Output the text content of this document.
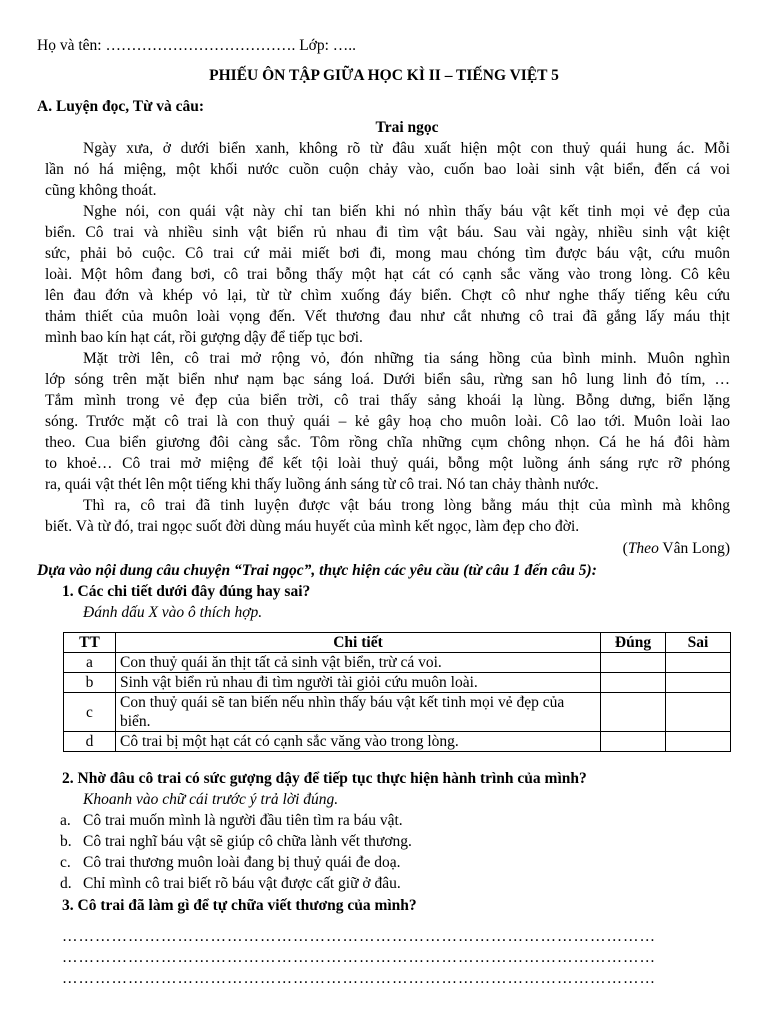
Họ và tên: ………………………………. Lớp: …..
PHIẾU ÔN TẬP GIỮA HỌC KÌ II – TIẾNG VIỆT 5
A. Luyện đọc, Từ và câu:
Trai ngọc
Ngày xưa, ở dưới biển xanh, không rõ từ đâu xuất hiện một con thuỷ quái hung ác. Mỗi
lần nó há miệng, một khối nước cuồn cuộn chảy vào, cuốn bao loài sinh vật biển, đến cá voi
cũng không thoát.
Nghe nói, con quái vật này chỉ tan biến khi nó nhìn thấy báu vật kết tinh mọi vẻ đẹp của
biển. Cô trai và nhiều sinh vật biển rủ nhau đi tìm vật báu. Sau vài ngày, nhiều sinh vật kiệt
sức, phải bỏ cuộc. Cô trai cứ mải miết bơi đi, mong mau chóng tìm được báu vật, cứu muôn
loài. Một hôm đang bơi, cô trai bỗng thấy một hạt cát có cạnh sắc văng vào trong lòng. Cô kêu
lên đau đớn và khép vỏ lại, từ từ chìm xuống đáy biển. Chợt cô như nghe thấy tiếng kêu cứu
thảm thiết của muôn loài vọng đến. Vết thương đau như cắt nhưng cô trai đã gắng lấy máu thịt
mình bao kín hạt cát, rồi gượng dậy để tiếp tục bơi.
Mặt trời lên, cô trai mở rộng vỏ, đón những tia sáng hồng của bình minh. Muôn nghìn
lớp sóng trên mặt biển như nạm bạc sáng loá. Dưới biển sâu, rừng san hô lung linh đỏ tím, …
Tắm mình trong vẻ đẹp của biển trời, cô trai thấy sảng khoái lạ lùng. Bỗng dưng, biển lặng
sóng. Trước mặt cô trai là con thuỷ quái – kẻ gây hoạ cho muôn loài. Cô lao tới. Muôn loài lao
theo. Cua biển giương đôi càng sắc. Tôm rồng chĩa những cụm chông nhọn. Cá he há đôi hàm
to khoẻ… Cô trai mở miệng để kết tội loài thuỷ quái, bỗng một luồng ánh sáng rực rỡ phóng
ra, quái vật thét lên một tiếng khi thấy luồng ánh sáng từ cô trai. Nó tan chảy thành nước.
Thì ra, cô trai đã tinh luyện được vật báu trong lòng bằng máu thịt của mình mà không
biết. Và từ đó, trai ngọc suốt đời dùng máu huyết của mình kết ngọc, làm đẹp cho đời.
(Theo Vân Long)
Dựa vào nội dung câu chuyện “Trai ngọc”, thực hiện các yêu cầu (từ câu 1 đến câu 5):
1. Các chi tiết dưới đây đúng hay sai?
Đánh dấu X vào ô thích hợp.
TT	Chi tiết	Đúng	Sai
a	Con thuỷ quái ăn thịt tất cả sinh vật biển, trừ cá voi.		
b	Sinh vật biển rủ nhau đi tìm người tài giỏi cứu muôn loài.		
c	Con thuỷ quái sẽ tan biến nếu nhìn thấy báu vật kết tinh mọi vẻ đẹp của biển.		
d	Cô trai bị một hạt cát có cạnh sắc văng vào trong lòng.		
2. Nhờ đâu cô trai có sức gượng dậy để tiếp tục thực hiện hành trình của mình?
Khoanh vào chữ cái trước ý trả lời đúng.
a. Cô trai muốn mình là người đầu tiên tìm ra báu vật.
b. Cô trai nghĩ báu vật sẽ giúp cô chữa lành vết thương.
c. Cô trai thương muôn loài đang bị thuỷ quái đe doạ.
d. Chỉ mình cô trai biết rõ báu vật được cất giữ ở đâu.
3. Cô trai đã làm gì để tự chữa viết thương của mình?
………………………………………………………………………………………………
………………………………………………………………………………………………
………………………………………………………………………………………………
